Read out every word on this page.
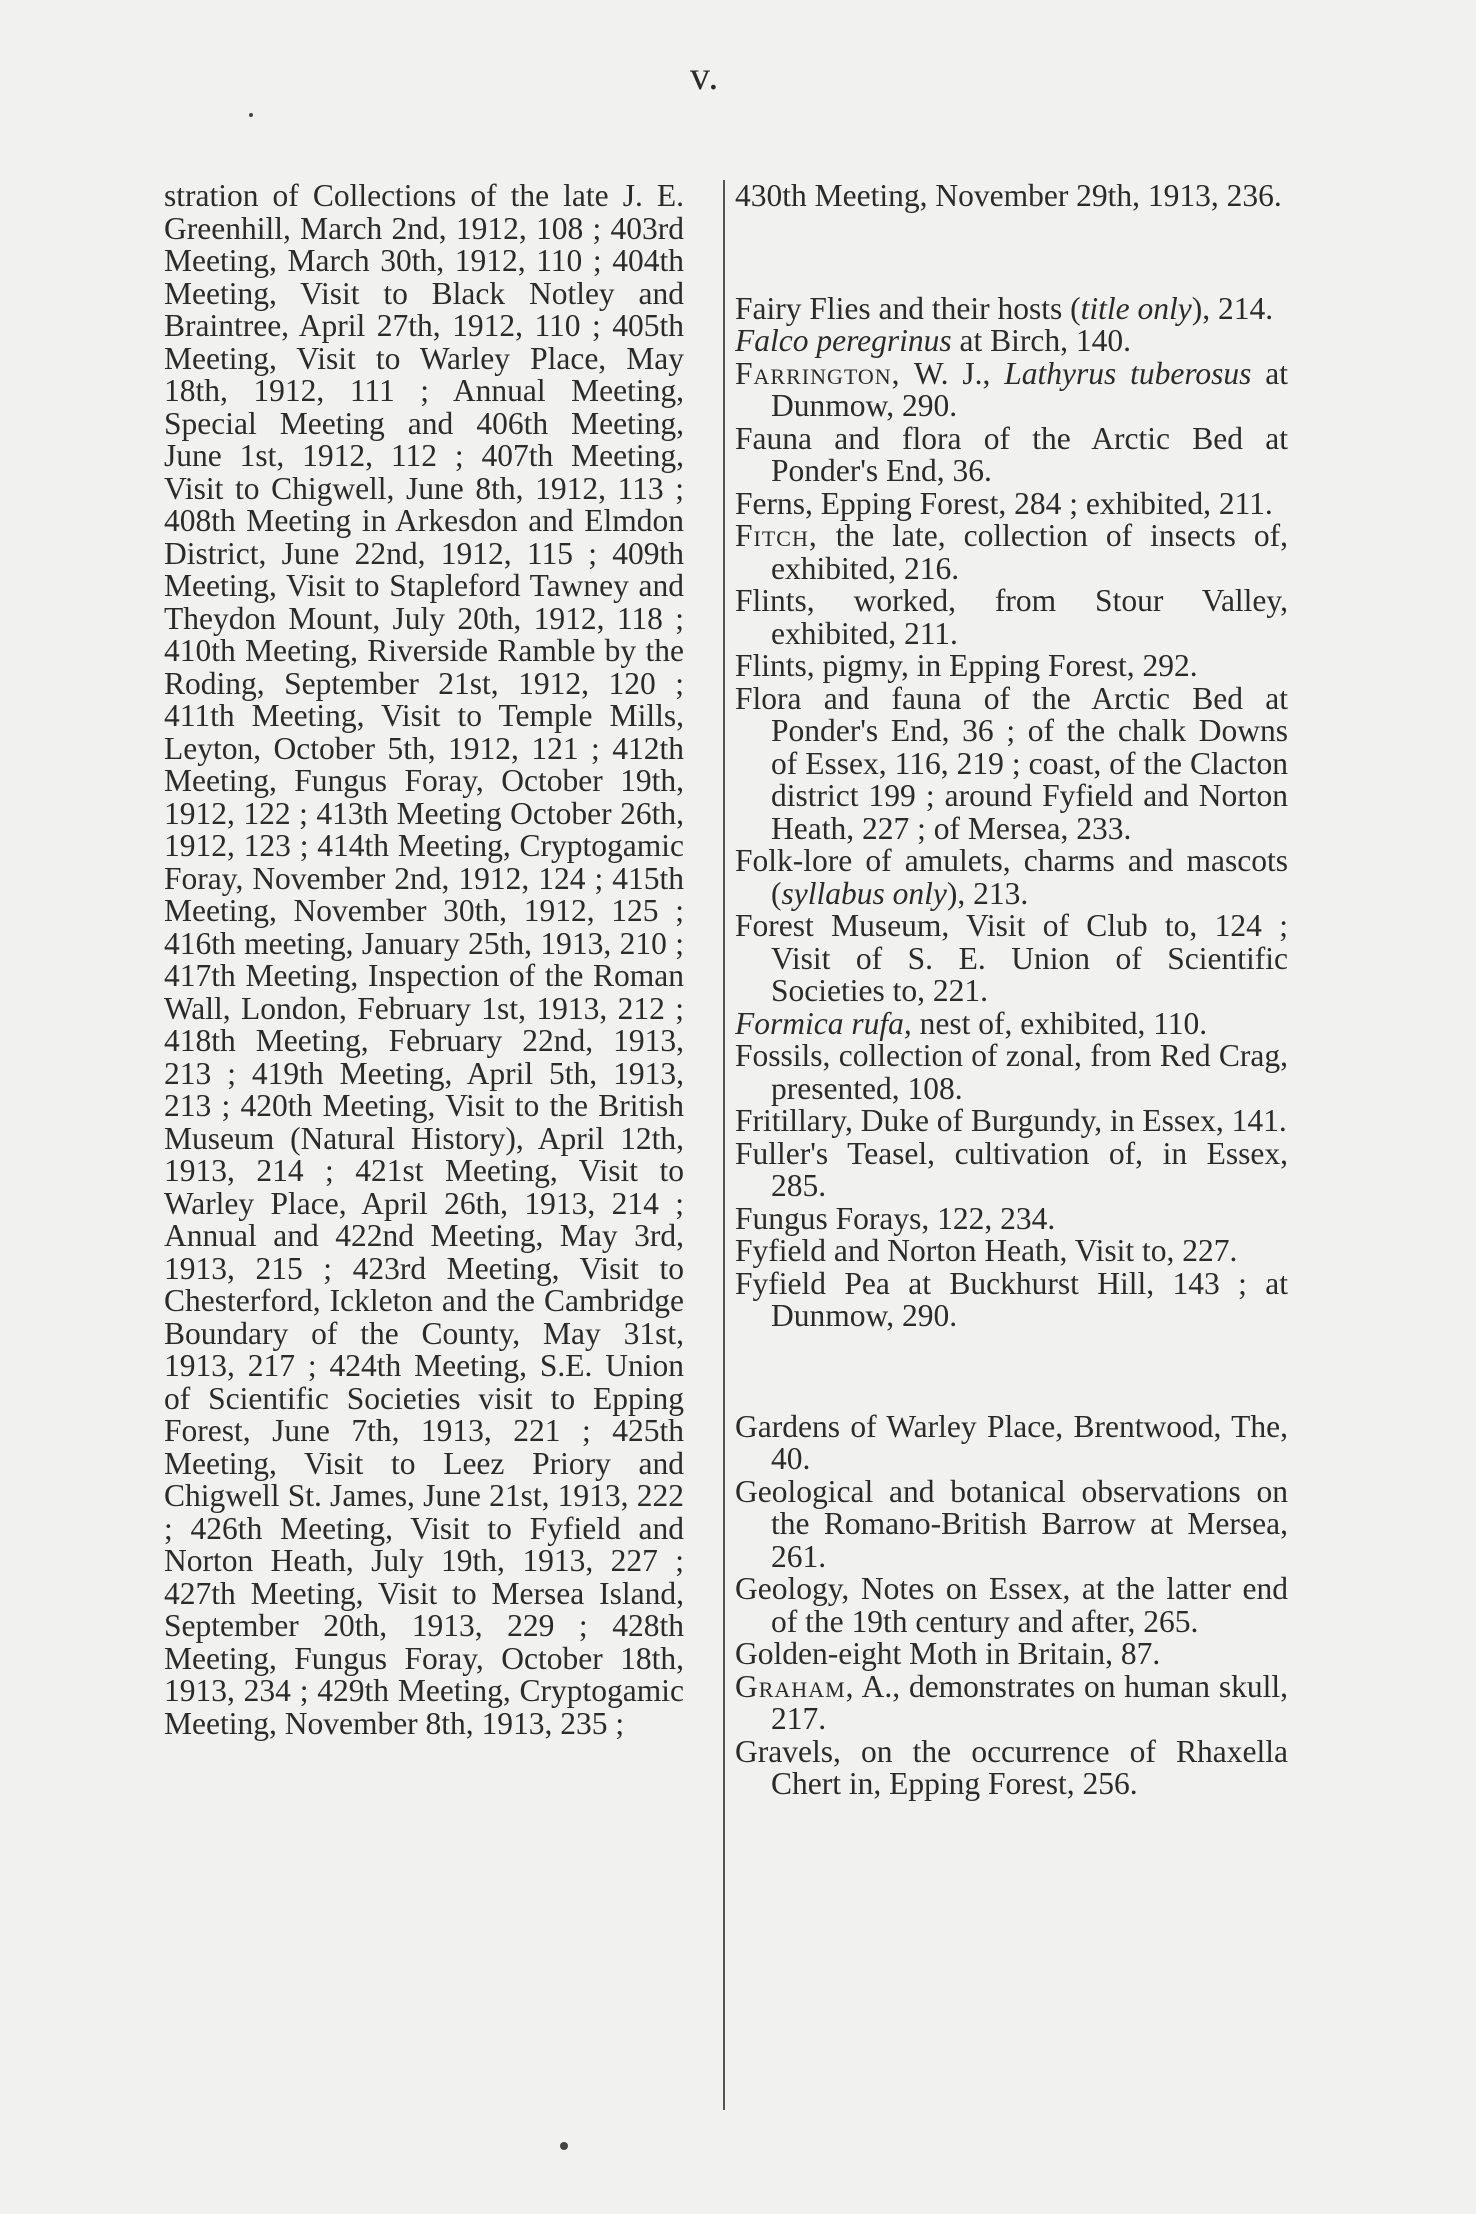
v.

stration of Collections of the late J. E. Greenhill, March 2nd, 1912, 108 ; 403rd Meeting, March 30th, 1912, 110 ; 404th Meeting, Visit to Black Notley and Braintree, April 27th, 1912, 110 ; 405th Meeting, Visit to Warley Place, May 18th, 1912, 111 ; Annual Meeting, Special Meeting and 406th Meeting, June 1st, 1912, 112 ; 407th Meeting, Visit to Chigwell, June 8th, 1912, 113 ; 408th Meeting in Arkesdon and Elmdon District, June 22nd, 1912, 115 ; 409th Meeting, Visit to Stapleford Tawney and Theydon Mount, July 20th, 1912, 118 ; 410th Meeting, Riverside Ramble by the Roding, September 21st, 1912, 120 ; 411th Meeting, Visit to Temple Mills, Leyton, October 5th, 1912, 121 ; 412th Meeting, Fungus Foray, October 19th, 1912, 122 ; 413th Meeting October 26th, 1912, 123 ; 414th Meeting, Cryptogamic Foray, November 2nd, 1912, 124 ; 415th Meeting, November 30th, 1912, 125 ; 416th meeting, January 25th, 1913, 210 ; 417th Meeting, Inspection of the Roman Wall, London, February 1st, 1913, 212 ; 418th Meeting, February 22nd, 1913, 213 ; 419th Meeting, April 5th, 1913, 213 ; 420th Meeting, Visit to the British Museum (Natural History), April 12th, 1913, 214 ; 421st Meeting, Visit to Warley Place, April 26th, 1913, 214 ; Annual and 422nd Meeting, May 3rd, 1913, 215 ; 423rd Meeting, Visit to Chesterford, Ickleton and the Cambridge Boundary of the County, May 31st, 1913, 217 ; 424th Meeting, S.E. Union of Scientific Societies visit to Epping Forest, June 7th, 1913, 221 ; 425th Meeting, Visit to Leez Priory and Chigwell St. James, June 21st, 1913, 222 ; 426th Meeting, Visit to Fyfield and Norton Heath, July 19th, 1913, 227 ; 427th Meeting, Visit to Mersea Island, September 20th, 1913, 229 ; 428th Meeting, Fungus Foray, October 18th, 1913, 234 ; 429th Meeting, Cryptogamic Meeting, November 8th, 1913, 235 ;

430th Meeting, November 29th, 1913, 236.

Fairy Flies and their hosts (title only), 214.

Falco peregrinus at Birch, 140.

Farrington, W. J., Lathyrus tuberosus at Dunmow, 290.

Fauna and flora of the Arctic Bed at Ponder's End, 36.

Ferns, Epping Forest, 284 ; exhibited, 211.

Fitch, the late, collection of insects of, exhibited, 216.

Flints, worked, from Stour Valley, exhibited, 211.

Flints, pigmy, in Epping Forest, 292.

Flora and fauna of the Arctic Bed at Ponder's End, 36 ; of the chalk Downs of Essex, 116, 219 ; coast, of the Clacton district 199 ; around Fyfield and Norton Heath, 227 ; of Mersea, 233.

Folk-lore of amulets, charms and mascots (syllabus only), 213.

Forest Museum, Visit of Club to, 124 ; Visit of S. E. Union of Scientific Societies to, 221.

Formica rufa, nest of, exhibited, 110.

Fossils, collection of zonal, from Red Crag, presented, 108.

Fritillary, Duke of Burgundy, in Essex, 141.

Fuller's Teasel, cultivation of, in Essex, 285.

Fungus Forays, 122, 234.

Fyfield and Norton Heath, Visit to, 227.

Fyfield Pea at Buckhurst Hill, 143 ; at Dunmow, 290.

Gardens of Warley Place, Brentwood, The, 40.

Geological and botanical observations on the Romano-British Barrow at Mersea, 261.

Geology, Notes on Essex, at the latter end of the 19th century and after, 265.

Golden-eight Moth in Britain, 87.

Graham, A., demonstrates on human skull, 217.

Gravels, on the occurrence of Rhaxella Chert in, Epping Forest, 256.
